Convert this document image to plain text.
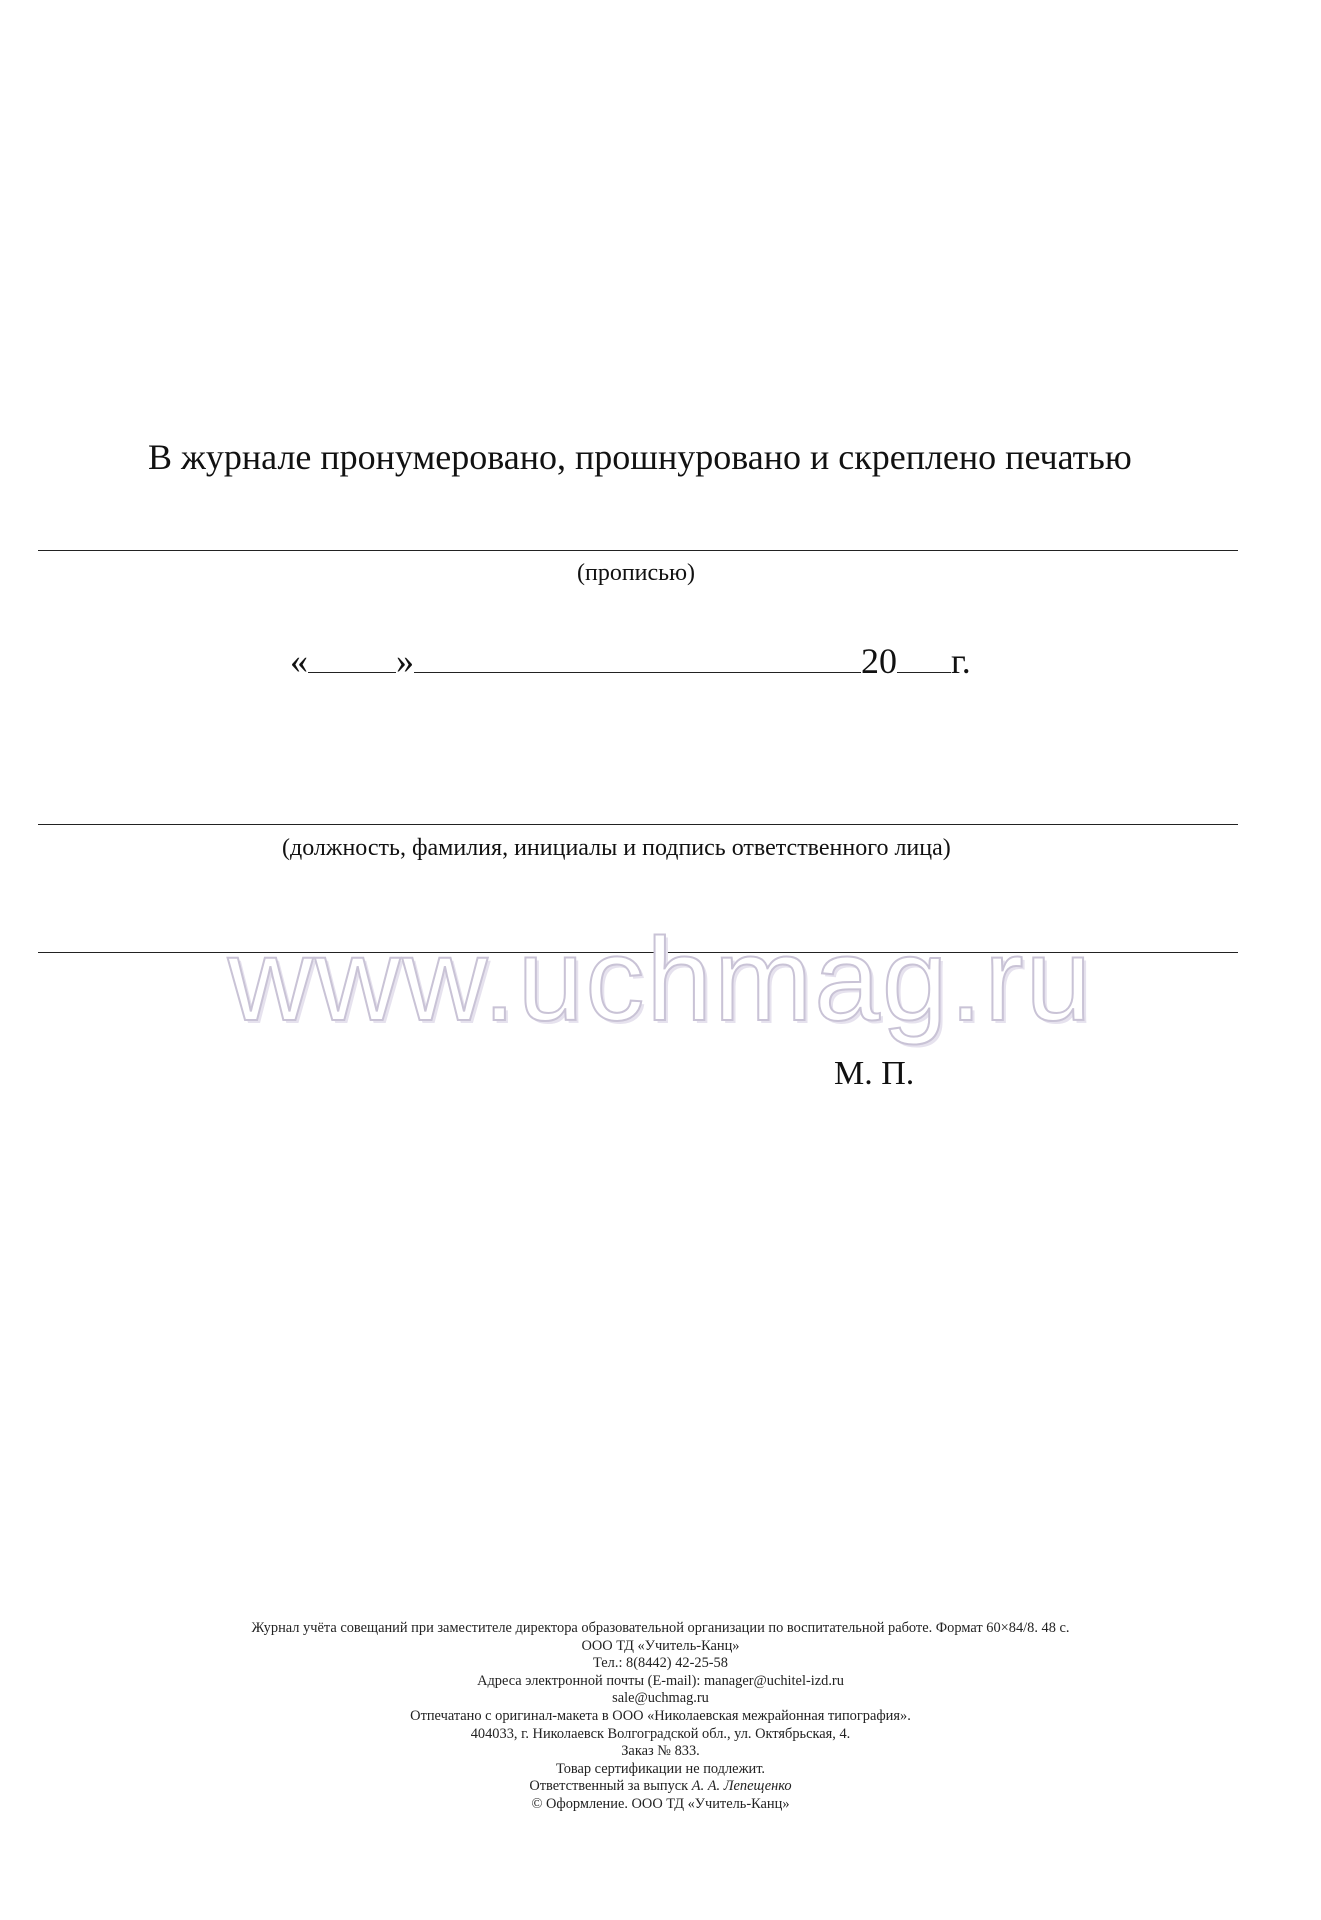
В журнале пронумеровано, прошнуровано и скреплено печатью
(прописью)
« »	20 г.
(должность, фамилия, инициалы и подпись ответственного лица)
www.uchmag.ru
М. П.
Журнал учёта совещаний при заместителе директора образовательной организации по воспитательной работе. Формат 60×84/8. 48 с.
ООО ТД «Учитель-Канц»
Тел.: 8(8442) 42-25-58
Адреса электронной почты (E-mail): manager@uchitel-izd.ru
sale@uchmag.ru
Отпечатано с оригинал-макета в ООО «Николаевская межрайонная типография».
404033, г. Николаевск Волгоградской обл., ул. Октябрьская, 4.
Заказ № 833.
Товар сертификации не подлежит.
Ответственный за выпуск А. А. Лепещенко
© Оформление. ООО ТД «Учитель-Канц»
